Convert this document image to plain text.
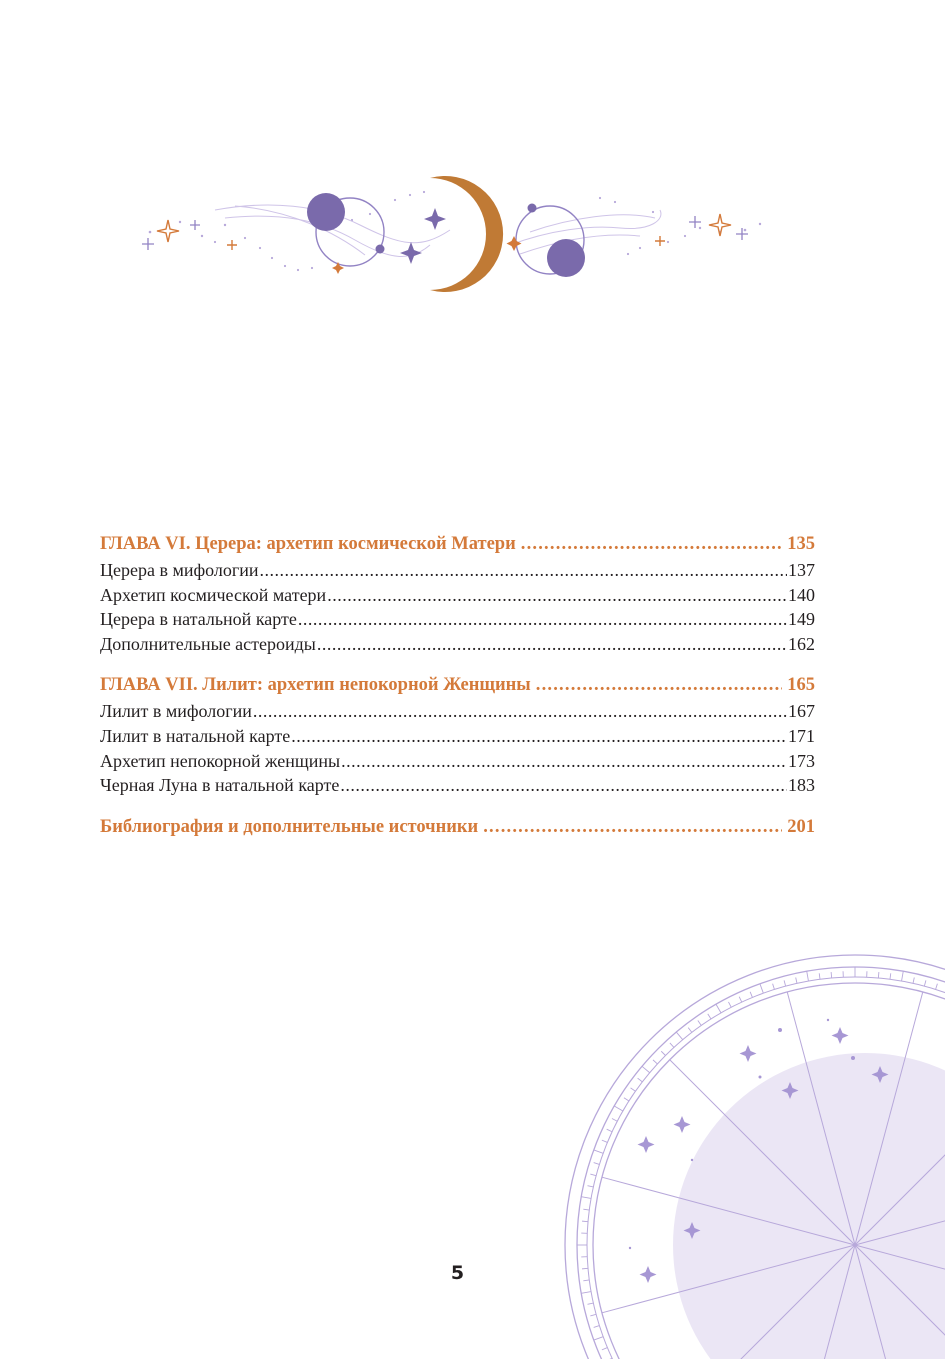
ГЛАВА VI. Церера: архетип космической Матери .....	135
Церера в мифологии .....	137
Архетип космической матери .....	140
Церера в натальной карте .....	149
Дополнительные астероиды .....	162
ГЛАВА VII. Лилит: архетип непокорной Женщины .....	165
Лилит в мифологии .....	167
Лилит в натальной карте .....	171
Архетип непокорной женщины .....	173
Черная Луна в натальной карте .....	183
Библиография и дополнительные источники .....	201
5
